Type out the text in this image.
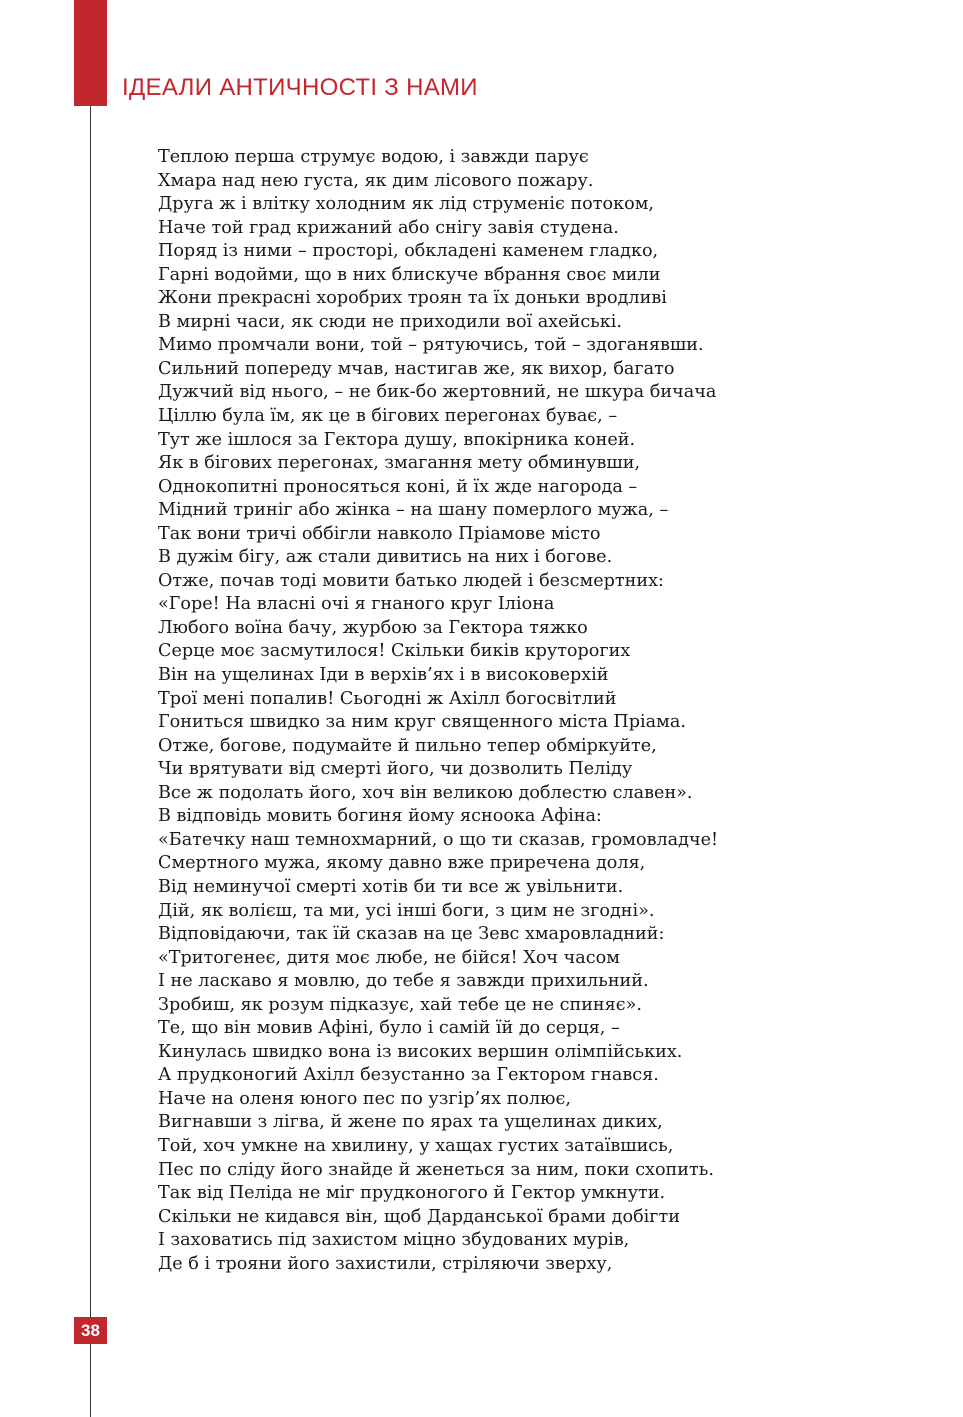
ІДЕАЛИ АНТИЧНОСТІ З НАМИ
Теплою перша струмує водою, і завжди парує
Хмара над нею густа, як дим лісового пожару.
Друга ж і влітку холодним як лід струменіє потоком,
Наче той град крижаний або снігу завія студена.
Поряд із ними – просторі, обкладені каменем гладко,
Гарні водойми, що в них блискуче вбрання своє мили
Жони прекрасні хоробрих троян та їх доньки вродливі
В мирні часи, як сюди не приходили вої ахейські.
Мимо промчали вони, той – рятуючись, той – здоганявши.
Сильний попереду мчав, настигав же, як вихор, багато
Дужчий від нього, – не бик-бо жертовний, не шкура бичача
Ціллю була їм, як це в бігових перегонах буває, –
Тут же ішлося за Гектора душу, впокірника коней.
Як в бігових перегонах, змагання мету обминувши,
Однокопитні проносяться коні, й їх жде нагорода –
Мідний триніг або жінка – на шану померлого мужа, –
Так вони тричі оббігли навколо Пріамове місто
В дужім бігу, аж стали дивитись на них і богове.
Отже, почав тоді мовити батько людей і безсмертних:
«Горе! На власні очі я гнаного круг Іліона
Любого воїна бачу, журбою за Гектора тяжко
Серце моє засмутилося! Скільки биків круторогих
Він на ущелинах Іди в верхів’ях і в високоверхій
Трої мені попалив! Сьогодні ж Ахілл богосвітлий
Гониться швидко за ним круг священного міста Пріама.
Отже, богове, подумайте й пильно тепер обміркуйте,
Чи врятувати від смерті його, чи дозволить Пеліду
Все ж подолать його, хоч він великою доблестю славен».
В відповідь мовить богиня йому ясноока Афіна:
«Батечку наш темнохмарний, о що ти сказав, громовладче!
Смертного мужа, якому давно вже приречена доля,
Від неминучої смерті хотів би ти все ж увільнити.
Дій, як волієш, та ми, усі інші боги, з цим не згодні».
Відповідаючи, так їй сказав на це Зевс хмаровладний:
«Тритогенеє, дитя моє любе, не бійся! Хоч часом
І не ласкаво я мовлю, до тебе я завжди прихильний.
Зробиш, як розум підказує, хай тебе це не спиняє».
Те, що він мовив Афіні, було і самій їй до серця, –
Кинулась швидко вона із високих вершин олімпійських.
А прудконогий Ахілл безустанно за Гектором гнався.
Наче на оленя юного пес по узгір’ях полює,
Вигнавши з лігва, й жене по ярах та ущелинах диких,
Той, хоч умкне на хвилину, у хащах густих затаївшись,
Пес по сліду його знайде й женеться за ним, поки схопить.
Так від Пеліда не міг прудконогого й Гектор умкнути.
Скільки не кидався він, щоб Дарданської брами добігти
І заховатись під захистом міцно збудованих мурів,
Де б і трояни його захистили, стріляючи зверху,
38
